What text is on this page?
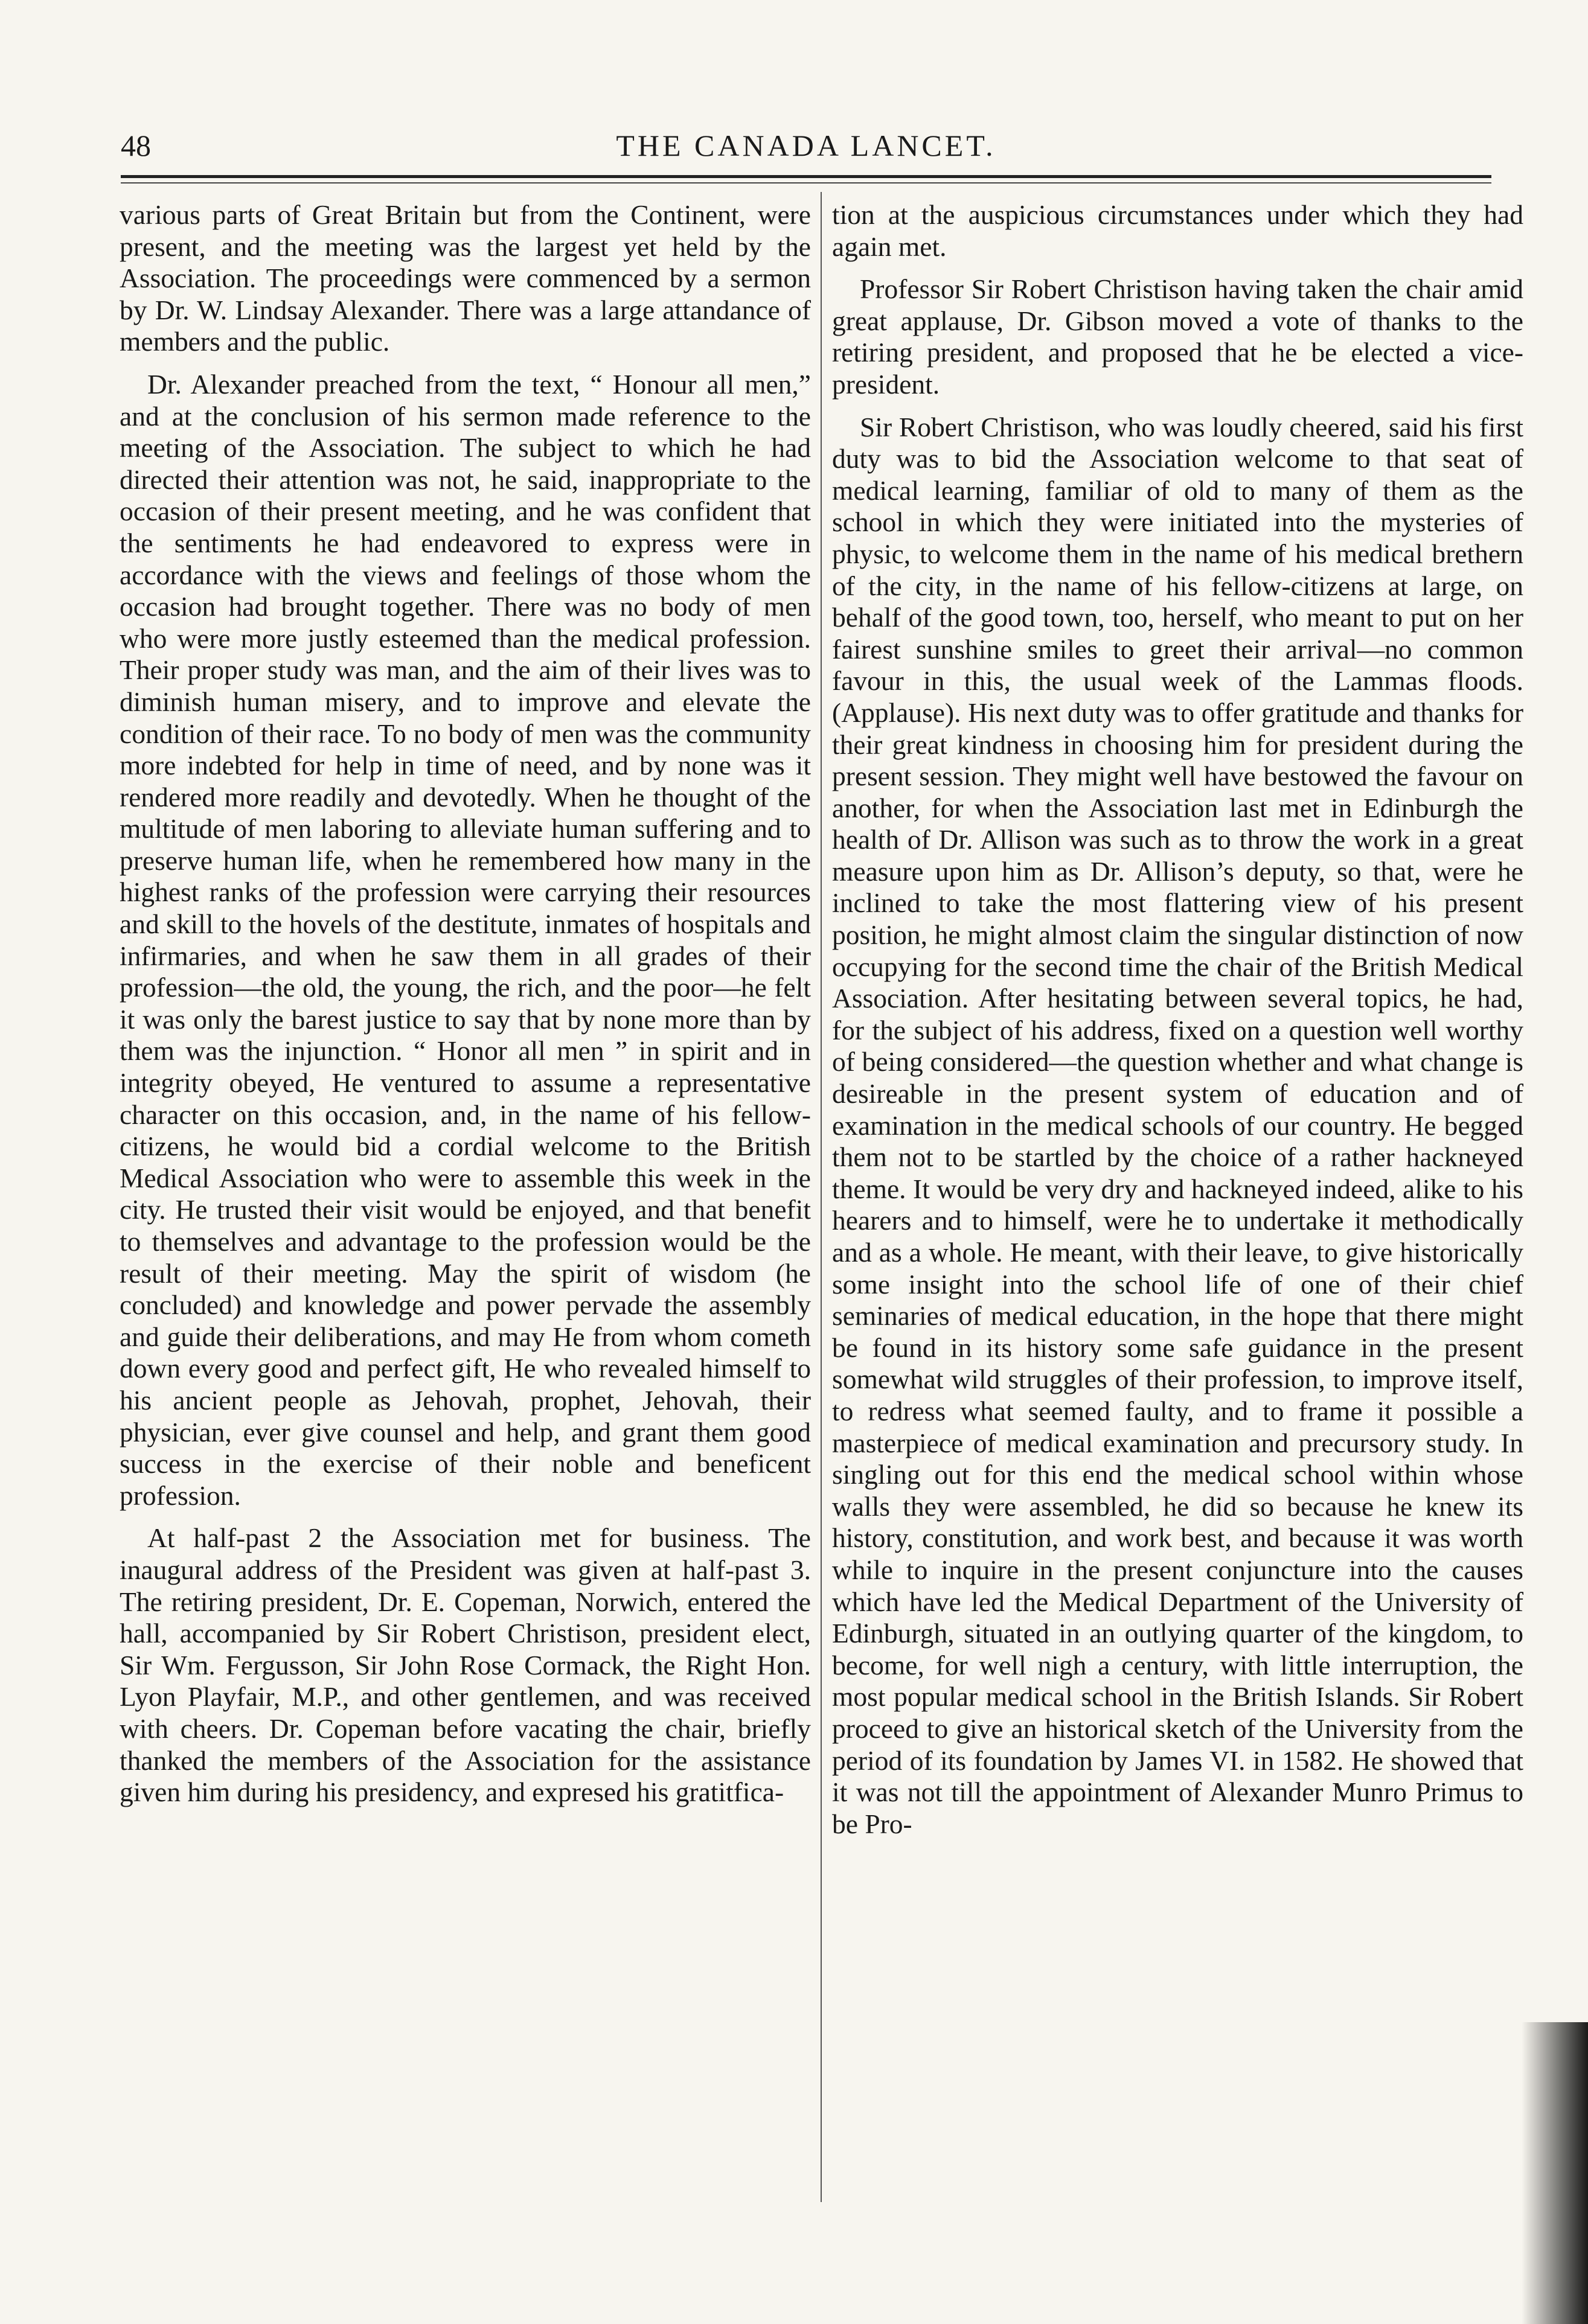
48	THE CANADA LANCET.

various parts of Great Britain but from the Continent, were present, and the meeting was the largest yet held by the Association. The proceedings were commenced by a sermon by Dr. W. Lindsay Alexander. There was a large attandance of members and the public.

Dr. Alexander preached from the text, “ Honour all men,” and at the conclusion of his sermon made reference to the meeting of the Association. The subject to which he had directed their attention was not, he said, inappropriate to the occasion of their present meeting, and he was confident that the sentiments he had endeavored to express were in accordance with the views and feelings of those whom the occasion had brought together. There was no body of men who were more justly esteemed than the medical profession. Their proper study was man, and the aim of their lives was to diminish human misery, and to improve and elevate the condition of their race. To no body of men was the community more indebted for help in time of need, and by none was it rendered more readily and devotedly. When he thought of the multitude of men laboring to alleviate human suffering and to preserve human life, when he remembered how many in the highest ranks of the profession were carrying their resources and skill to the hovels of the destitute, inmates of hospitals and infirmaries, and when he saw them in all grades of their profession—the old, the young, the rich, and the poor—he felt it was only the barest justice to say that by none more than by them was the injunction. “ Honor all men ” in spirit and in integrity obeyed, He ventured to assume a representative character on this occasion, and, in the name of his fellow-citizens, he would bid a cordial welcome to the British Medical Association who were to assemble this week in the city. He trusted their visit would be enjoyed, and that benefit to themselves and advantage to the profession would be the result of their meeting. May the spirit of wisdom (he concluded) and knowledge and power pervade the assembly and guide their deliberations, and may He from whom cometh down every good and perfect gift, He who revealed himself to his ancient people as Jehovah, prophet, Jehovah, their physician, ever give counsel and help, and grant them good success in the exercise of their noble and beneficent profession.

At half-past 2 the Association met for business. The inaugural address of the President was given at half-past 3. The retiring president, Dr. E. Copeman, Norwich, entered the hall, accompanied by Sir Robert Christison, president elect, Sir Wm. Fergusson, Sir John Rose Cormack, the Right Hon. Lyon Playfair, M.P., and other gentlemen, and was received with cheers. Dr. Copeman before vacating the chair, briefly thanked the members of the Association for the assistance given him during his presidency, and expresed his gratitfica-

tion at the auspicious circumstances under which they had again met.

Professor Sir Robert Christison having taken the chair amid great applause, Dr. Gibson moved a vote of thanks to the retiring president, and proposed that he be elected a vice-president.

Sir Robert Christison, who was loudly cheered, said his first duty was to bid the Association welcome to that seat of medical learning, familiar of old to many of them as the school in which they were initiated into the mysteries of physic, to welcome them in the name of his medical brethern of the city, in the name of his fellow-citizens at large, on behalf of the good town, too, herself, who meant to put on her fairest sunshine smiles to greet their arrival—no common favour in this, the usual week of the Lammas floods. (Applause). His next duty was to offer gratitude and thanks for their great kindness in choosing him for president during the present session. They might well have bestowed the favour on another, for when the Association last met in Edinburgh the health of Dr. Allison was such as to throw the work in a great measure upon him as Dr. Allison’s deputy, so that, were he inclined to take the most flattering view of his present position, he might almost claim the singular distinction of now occupying for the second time the chair of the British Medical Association. After hesitating between several topics, he had, for the subject of his address, fixed on a question well worthy of being considered—the question whether and what change is desireable in the present system of education and of examination in the medical schools of our country. He begged them not to be startled by the choice of a rather hackneyed theme. It would be very dry and hackneyed indeed, alike to his hearers and to himself, were he to undertake it methodically and as a whole. He meant, with their leave, to give historically some insight into the school life of one of their chief seminaries of medical education, in the hope that there might be found in its history some safe guidance in the present somewhat wild struggles of their profession, to improve itself, to redress what seemed faulty, and to frame it possible a masterpiece of medical examination and precursory study. In singling out for this end the medical school within whose walls they were assembled, he did so because he knew its history, constitution, and work best, and because it was worth while to inquire in the present conjuncture into the causes which have led the Medical Department of the University of Edinburgh, situated in an outlying quarter of the kingdom, to become, for well nigh a century, with little interruption, the most popular medical school in the British Islands. Sir Robert proceed to give an historical sketch of the University from the period of its foundation by James VI. in 1582. He showed that it was not till the appointment of Alexander Munro Primus to be Pro-
